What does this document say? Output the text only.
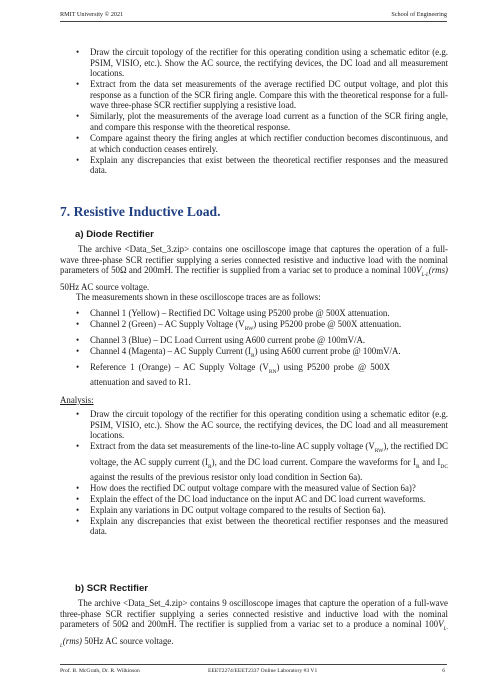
RMIT University © 2021	School of Engineering
• Draw the circuit topology of the rectifier for this operating condition using a schematic editor (e.g. PSIM, VISIO, etc.). Show the AC source, the rectifying devices, the DC load and all measurement locations.
• Extract from the data set measurements of the average rectified DC output voltage, and plot this response as a function of the SCR firing angle. Compare this with the theoretical response for a full-wave three-phase SCR rectifier supplying a resistive load.
• Similarly, plot the measurements of the average load current as a function of the SCR firing angle, and compare this response with the theoretical response.
• Compare against theory the firing angles at which rectifier conduction becomes discontinuous, and at which conduction ceases entirely.
• Explain any discrepancies that exist between the theoretical rectifier responses and the measured data.
7. Resistive Inductive Load.
a) Diode Rectifier
The archive <Data_Set_3.zip> contains one oscilloscope image that captures the operation of a full-wave three-phase SCR rectifier supplying a series connected resistive and inductive load with the nominal parameters of 50Ω and 200mH. The rectifier is supplied from a variac set to produce a nominal $100V_{L-L}(rms)$ 50Hz AC source voltage.
The measurements shown in these oscilloscope traces are as follows:
• Channel 1 (Yellow) – Rectified DC Voltage using P5200 probe @ 500X attenuation.
• Channel 2 (Green) – AC Supply Voltage $(V_{RW})$ using P5200 probe @ 500X attenuation.
• Channel 3 (Blue) – DC Load Current using A600 current probe @ 100mV/A.
• Channel 4 (Magenta) – AC Supply Current $(I_R)$ using A600 current probe @ 100mV/A.
• Reference 1 (Orange) – AC Supply Voltage $(V_{RN})$ using P5200 probe @ 500X attenuation and saved to R1.
Analysis:
• Draw the circuit topology of the rectifier for this operating condition using a schematic editor (e.g. PSIM, VISIO, etc.). Show the AC source, the rectifying devices, the DC load and all measurement locations.
• Extract from the data set measurements of the line-to-line AC supply voltage $(V_{RW})$, the rectified DC voltage, the AC supply current $(I_R)$, and the DC load current. Compare the waveforms for $I_R$ and $I_{DC}$ against the results of the previous resistor only load condition in Section 6a).
• How does the rectified DC output voltage compare with the measured value of Section 6a)?
• Explain the effect of the DC load inductance on the input AC and DC load current waveforms.
• Explain any variations in DC output voltage compared to the results of Section 6a).
• Explain any discrepancies that exist between the theoretical rectifier responses and the measured data.
b) SCR Rectifier
The archive <Data_Set_4.zip> contains 9 oscilloscope images that capture the operation of a full-wave three-phase SCR rectifier supplying a series connected resistive and inductive load with the nominal parameters of 50Ω and 200mH. The rectifier is supplied from a variac set to a produce a nominal $100V_{L-L}(rms)$ 50Hz AC source voltage.
Prof. B. McGrath, Dr. R. Wilkinson	EEET2274/EEET2337 Online Laboratory #3 V1	6
